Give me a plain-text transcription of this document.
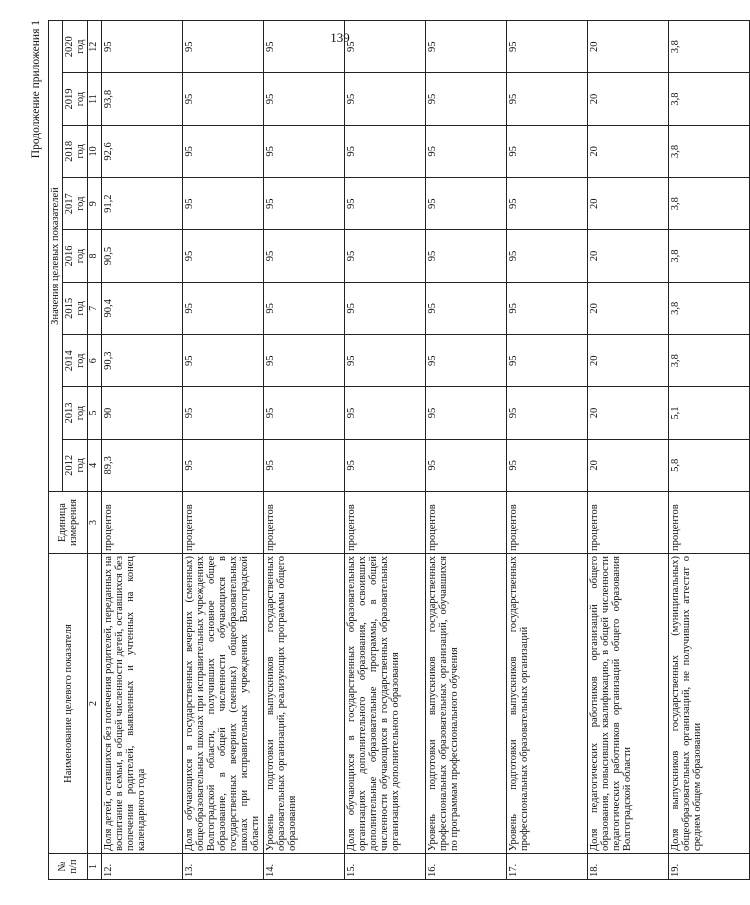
139
Продолжение приложения 1
№
п/п	Наименование целевого показателя	Единица
измерения	Значения целевых показателей								
			2012
год	2013
год	2014
год	2015
год	2016
год	2017
год	2018
год	2019
год	2020
год
1	2	3	4	5	6	7	8	9	10	11	12
12.	Доля детей, оставшихся без попечения родителей, переданных на воспитание в семьи, в общей численности детей, оставшихся без попечения родителей, выявленных и учтенных на конец календарного года	процентов	89,3	90	90,3	90,4	90,5	91,2	92,6	93,8	95
13.	Доля обучающихся в государственных вечерних (сменных) общеобразовательных школах при исправительных учреждениях Волгоградской области, получивших основное общее образование, в общей численности обучающихся в государственных вечерних (сменных) общеобразовательных школах при исправительных учреждениях Волгоградской области	процентов	95	95	95	95	95	95	95	95	95
14.	Уровень подготовки выпускников государственных образовательных организаций, реализующих программы общего образования	процентов	95	95	95	95	95	95	95	95	95
15.	Доля обучающихся в государственных образовательных организациях дополнительного образования, освоивших дополнительные образовательные программы, в общей численности обучающихся в государственных образовательных организациях дополнительного образования	процентов	95	95	95	95	95	95	95	95	95
16.	Уровень подготовки выпускников государственных профессиональных образовательных организаций, обучавшихся по программам профессионального обучения	процентов	95	95	95	95	95	95	95	95	95
17.	Уровень подготовки выпускников государственных профессиональных образовательных организаций	процентов	95	95	95	95	95	95	95	95	95
18.	Доля педагогических работников организаций общего образования, повысивших квалификацию, в общей численности педагогических работников организаций общего образования Волгоградской области	процентов	20	20	20	20	20	20	20	20	20
19.	Доля выпускников государственных (муниципальных) общеобразовательных организаций, не получивших аттестат о среднем общем образовании	процентов	5,8	5,1	3,8	3,8	3,8	3,8	3,8	3,8	3,8
